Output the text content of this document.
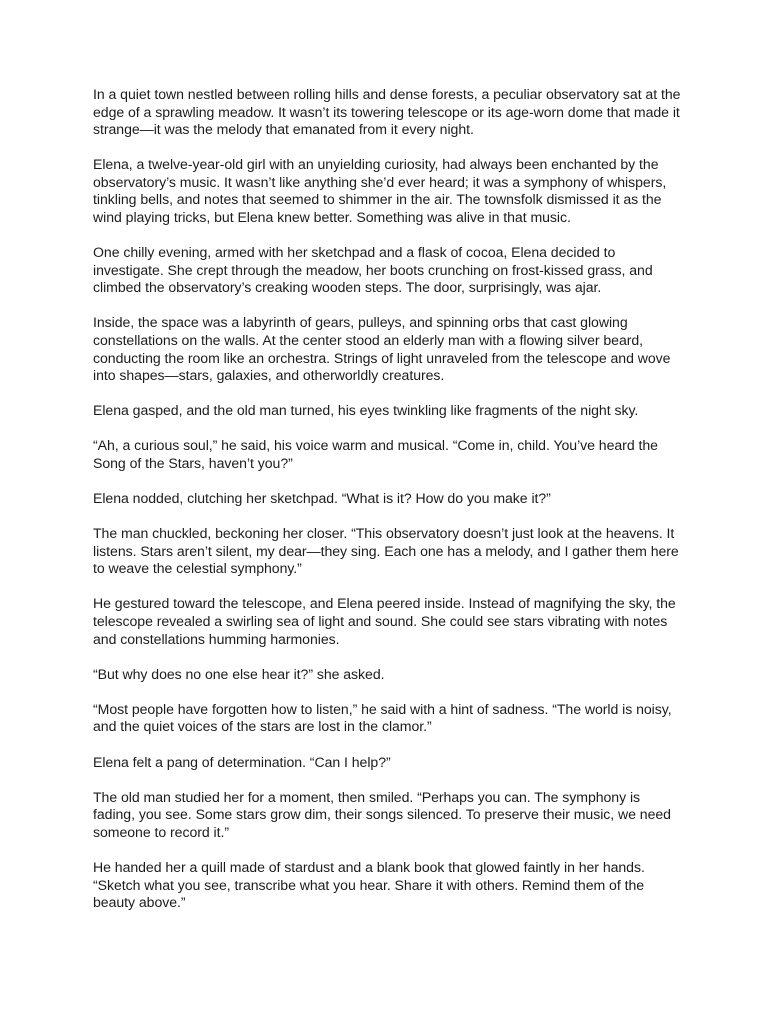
In a quiet town nestled between rolling hills and dense forests, a peculiar observatory sat at the edge of a sprawling meadow. It wasn’t its towering telescope or its age-worn dome that made it strange—it was the melody that emanated from it every night.

Elena, a twelve-year-old girl with an unyielding curiosity, had always been enchanted by the observatory’s music. It wasn’t like anything she’d ever heard; it was a symphony of whispers, tinkling bells, and notes that seemed to shimmer in the air. The townsfolk dismissed it as the wind playing tricks, but Elena knew better. Something was alive in that music.

One chilly evening, armed with her sketchpad and a flask of cocoa, Elena decided to investigate. She crept through the meadow, her boots crunching on frost-kissed grass, and climbed the observatory’s creaking wooden steps. The door, surprisingly, was ajar.

Inside, the space was a labyrinth of gears, pulleys, and spinning orbs that cast glowing constellations on the walls. At the center stood an elderly man with a flowing silver beard, conducting the room like an orchestra. Strings of light unraveled from the telescope and wove into shapes—stars, galaxies, and otherworldly creatures.

Elena gasped, and the old man turned, his eyes twinkling like fragments of the night sky.

“Ah, a curious soul,” he said, his voice warm and musical. “Come in, child. You’ve heard the Song of the Stars, haven’t you?”

Elena nodded, clutching her sketchpad. “What is it? How do you make it?”

The man chuckled, beckoning her closer. “This observatory doesn’t just look at the heavens. It listens. Stars aren’t silent, my dear—they sing. Each one has a melody, and I gather them here to weave the celestial symphony.”

He gestured toward the telescope, and Elena peered inside. Instead of magnifying the sky, the telescope revealed a swirling sea of light and sound. She could see stars vibrating with notes and constellations humming harmonies.

“But why does no one else hear it?” she asked.

“Most people have forgotten how to listen,” he said with a hint of sadness. “The world is noisy, and the quiet voices of the stars are lost in the clamor.”

Elena felt a pang of determination. “Can I help?”

The old man studied her for a moment, then smiled. “Perhaps you can. The symphony is fading, you see. Some stars grow dim, their songs silenced. To preserve their music, we need someone to record it.”

He handed her a quill made of stardust and a blank book that glowed faintly in her hands. “Sketch what you see, transcribe what you hear. Share it with others. Remind them of the beauty above.”
